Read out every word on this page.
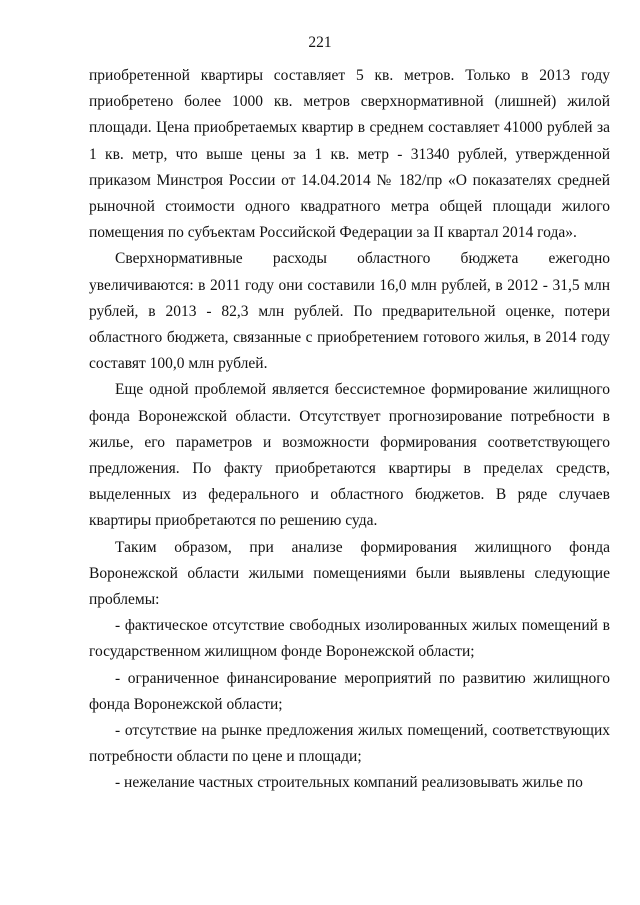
221

приобретенной квартиры составляет 5 кв. метров. Только в 2013 году приобретено более 1000 кв. метров сверхнормативной (лишней) жилой площади. Цена приобретаемых квартир в среднем составляет 41000 рублей за 1 кв. метр, что выше цены за 1 кв. метр - 31340 рублей, утвержденной приказом Минстроя России от 14.04.2014 № 182/пр «О показателях средней рыночной стоимости одного квадратного метра общей площади жилого помещения по субъектам Российской Федерации за II квартал 2014 года».

Сверхнормативные расходы областного бюджета ежегодно увеличиваются: в 2011 году они составили 16,0 млн рублей, в 2012 - 31,5 млн рублей, в 2013 - 82,3 млн рублей. По предварительной оценке, потери областного бюджета, связанные с приобретением готового жилья, в 2014 году составят 100,0 млн рублей.

Еще одной проблемой является бессистемное формирование жилищного фонда Воронежской области. Отсутствует прогнозирование потребности в жилье, его параметров и возможности формирования соответствующего предложения. По факту приобретаются квартиры в пределах средств, выделенных из федерального и областного бюджетов. В ряде случаев квартиры приобретаются по решению суда.

Таким образом, при анализе формирования жилищного фонда Воронежской области жилыми помещениями были выявлены следующие проблемы:

- фактическое отсутствие свободных изолированных жилых помещений в государственном жилищном фонде Воронежской области;

- ограниченное финансирование мероприятий по развитию жилищного фонда Воронежской области;

- отсутствие на рынке предложения жилых помещений, соответствующих потребности области по цене и площади;

- нежелание частных строительных компаний реализовывать жилье по
